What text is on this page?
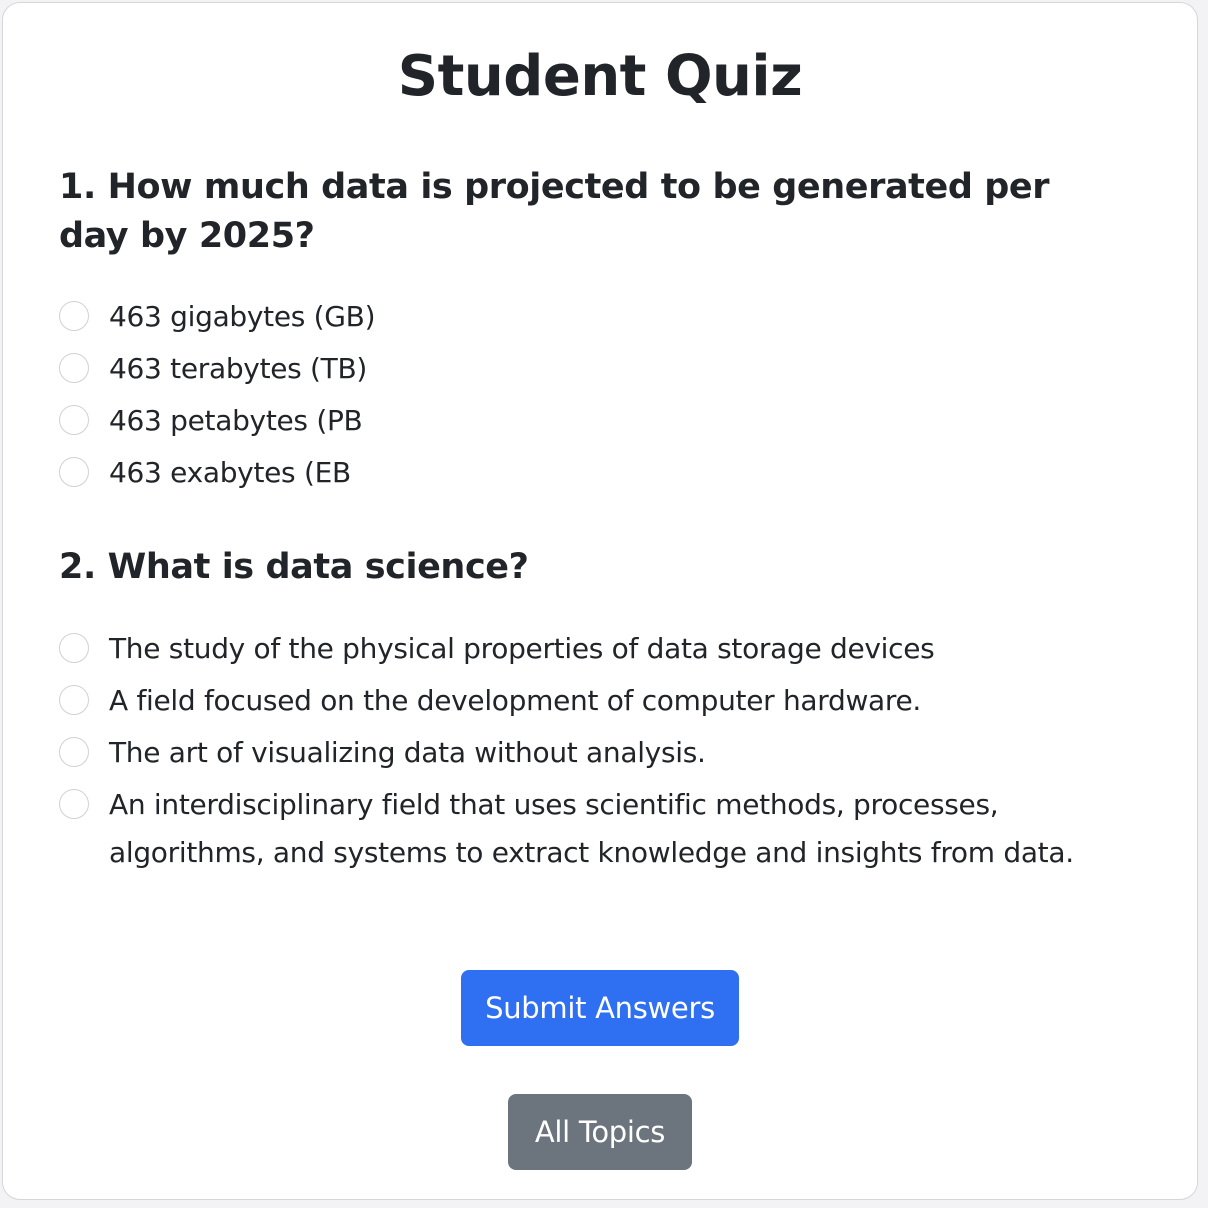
Student Quiz
1. How much data is projected to be generated per day by 2025?
463 gigabytes (GB)
463 terabytes (TB)
463 petabytes (PB
463 exabytes (EB
2. What is data science?
The study of the physical properties of data storage devices
A field focused on the development of computer hardware.
The art of visualizing data without analysis.
An interdisciplinary field that uses scientific methods, processes, algorithms, and systems to extract knowledge and insights from data.
Submit Answers
All Topics
